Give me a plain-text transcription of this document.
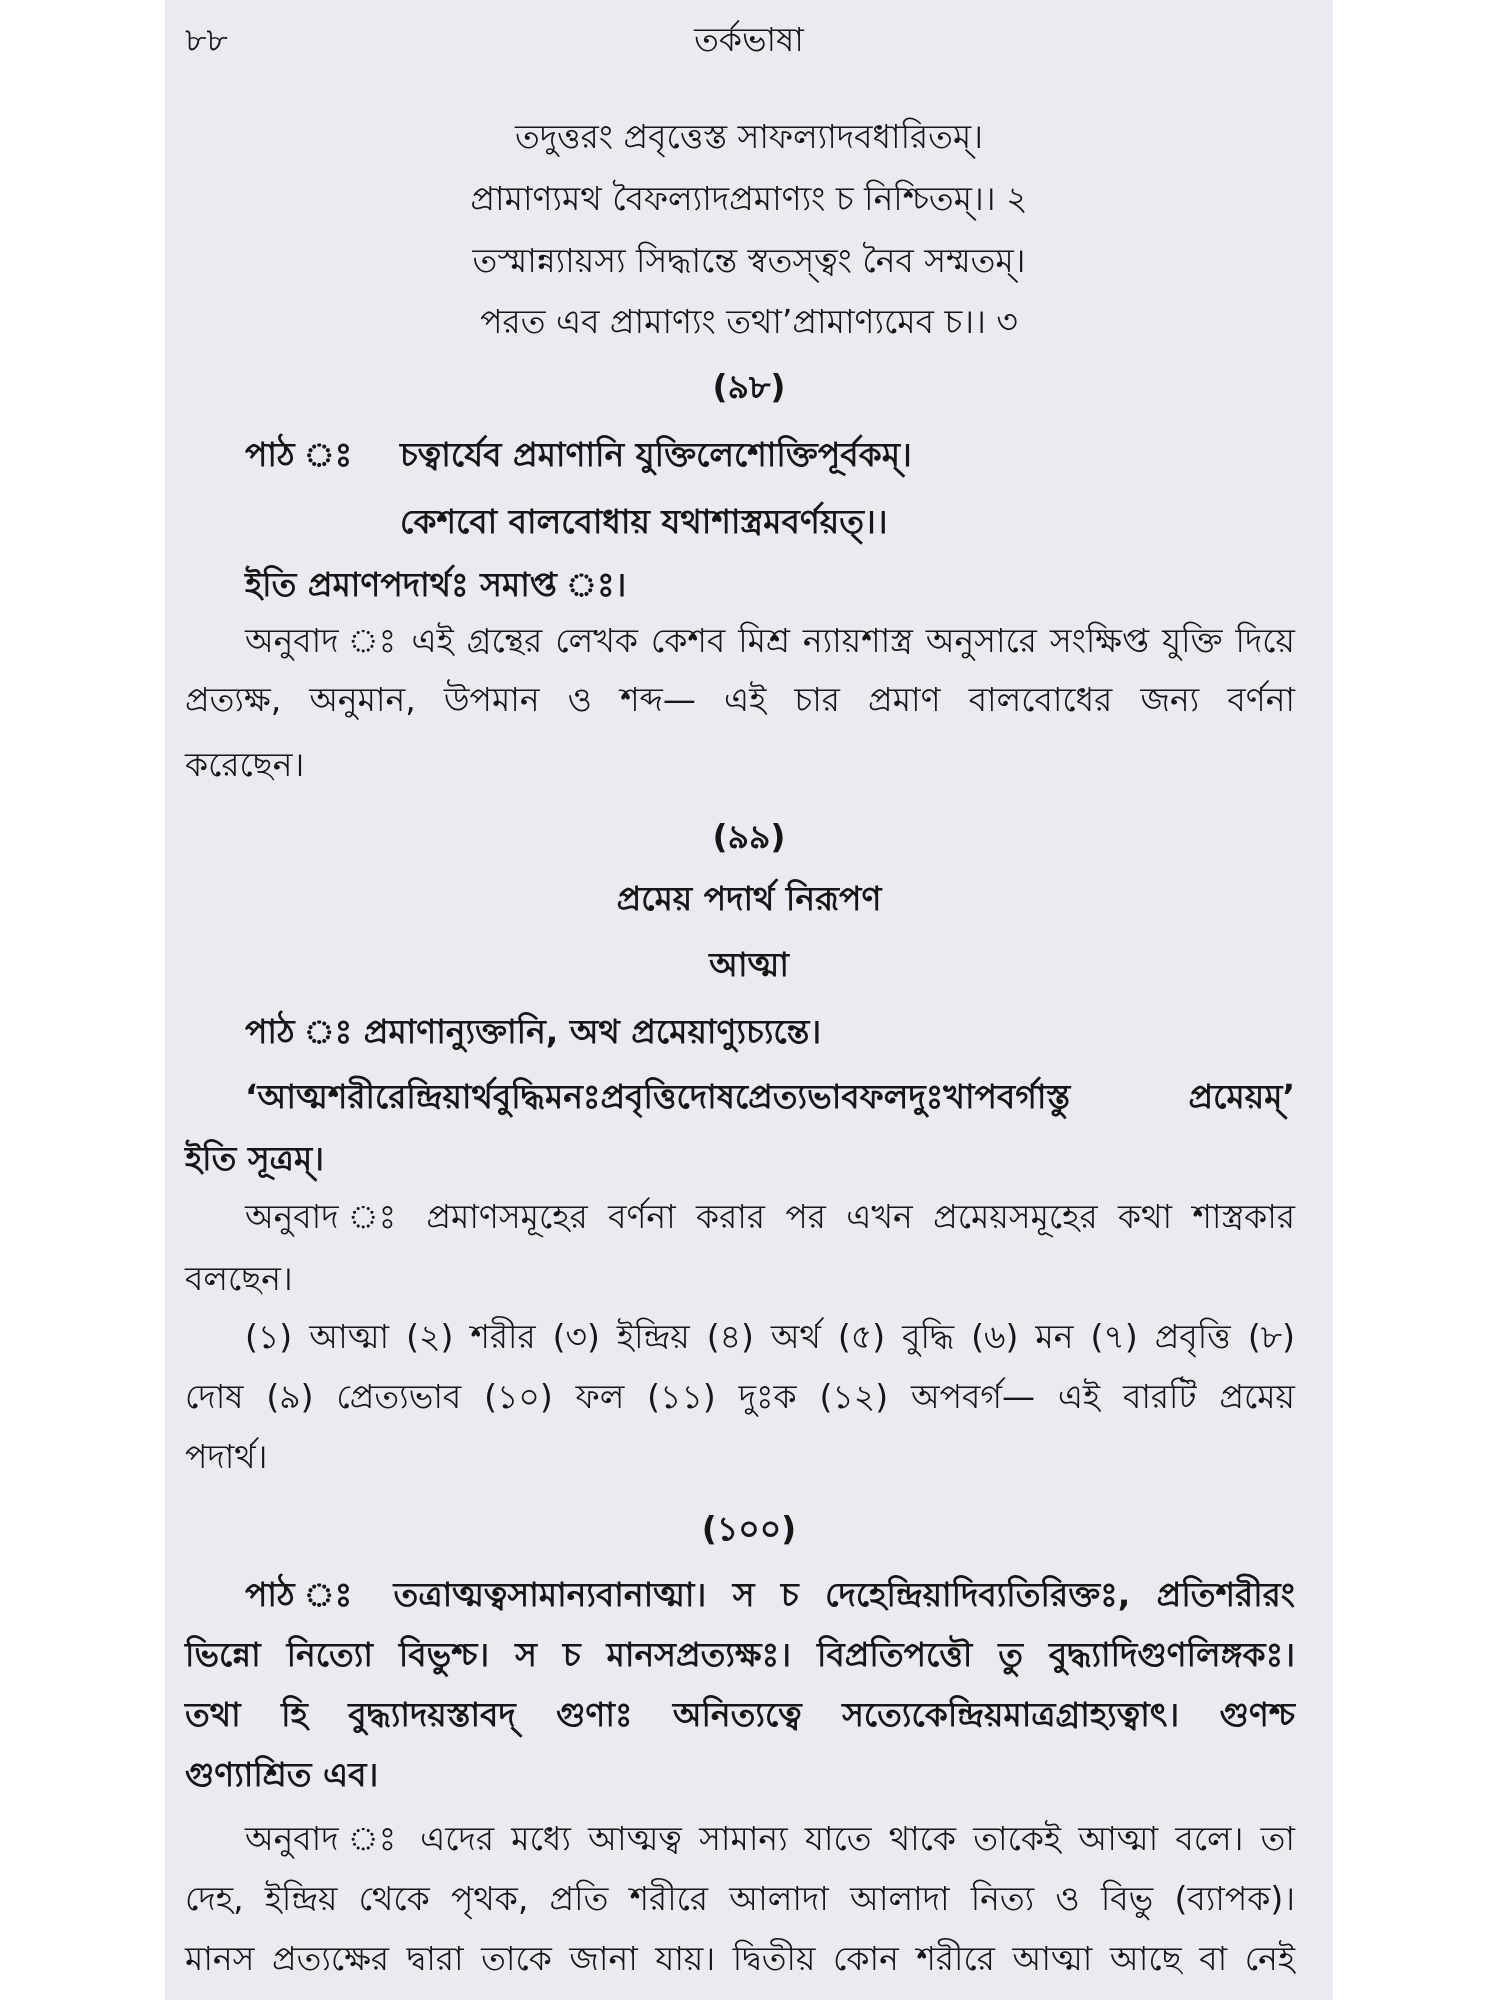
৮৮	তর্কভাষা
তদুত্তরং প্রবৃত্তেস্ত সাফল্যাদবধারিতম্।
প্রামাণ্যমথ বৈফল্যাদপ্রমাণ্যং চ নিশ্চিতম্।। ২
তস্মান্ন্যায়স্য সিদ্ধান্তে স্বতস্ত্বং নৈব সম্মতম্।
পরত এব প্রামাণ্যং তথা’প্রামাণ্যমেব চ।। ৩
(৯৮)
পাঠ ঃ চত্বার্যেব প্রমাণানি যুক্তিলেশোক্তিপূর্বকম্।
কেশবো বালবোধায় যথাশাস্ত্রমবর্ণয়ত্।।
ইতি প্রমাণপদার্থঃ সমাপ্ত ঃ।
অনুবাদ ঃ এই গ্রন্থের লেখক কেশব মিশ্র ন্যায়শাস্ত্র অনুসারে সংক্ষিপ্ত যুক্তি দিয়ে
প্রত্যক্ষ, অনুমান, উপমান ও শব্দ— এই চার প্রমাণ বালবোধের জন্য বর্ণনা
করেছেন।
(৯৯)
প্রমেয় পদার্থ নিরূপণ
আত্মা
পাঠ ঃ প্রমাণান্যুক্তানি, অথ প্রমেয়াণ্যুচ্যন্তে।
‘আত্মশরীরেন্দ্রিয়ার্থবুদ্ধিমনঃপ্রবৃত্তিদোষপ্রেত্যভাবফলদুঃখাপবর্গাস্তু প্রমেয়ম্’
ইতি সূত্রম্।
অনুবাদ ঃ প্রমাণসমূহের বর্ণনা করার পর এখন প্রমেয়সমূহের কথা শাস্ত্রকার
বলছেন।
(১) আত্মা (২) শরীর (৩) ইন্দ্রিয় (৪) অর্থ (৫) বুদ্ধি (৬) মন (৭) প্রবৃত্তি (৮)
দোষ (৯) প্রেত্যভাব (১০) ফল (১১) দুঃক (১২) অপবর্গ— এই বারটি প্রমেয়
পদার্থ।
(১০০)
পাঠ ঃ তত্রাত্মত্বসামান্যবানাত্মা। স চ দেহেন্দ্রিয়াদিব্যতিরিক্তঃ, প্রতিশরীরং
ভিন্নো নিত্যো বিভুশ্চ। স চ মানসপ্রত্যক্ষঃ। বিপ্রতিপত্তৌ তু বুদ্ধ্যাদিগুণলিঙ্গকঃ।
তথা হি বুদ্ধ্যাদয়স্তাবদ্ গুণাঃ অনিত্যত্বে সত্যেকেন্দ্রিয়মাত্রগ্রাহ্যত্বাৎ। গুণশ্চ
গুণ্যাশ্রিত এব।
অনুবাদ ঃ এদের মধ্যে আত্মত্ব সামান্য যাতে থাকে তাকেই আত্মা বলে। তা
দেহ, ইন্দ্রিয় থেকে পৃথক, প্রতি শরীরে আলাদা আলাদা নিত্য ও বিভু (ব্যাপক)।
মানস প্রত্যক্ষের দ্বারা তাকে জানা যায়। দ্বিতীয় কোন শরীরে আত্মা আছে বা নেই
